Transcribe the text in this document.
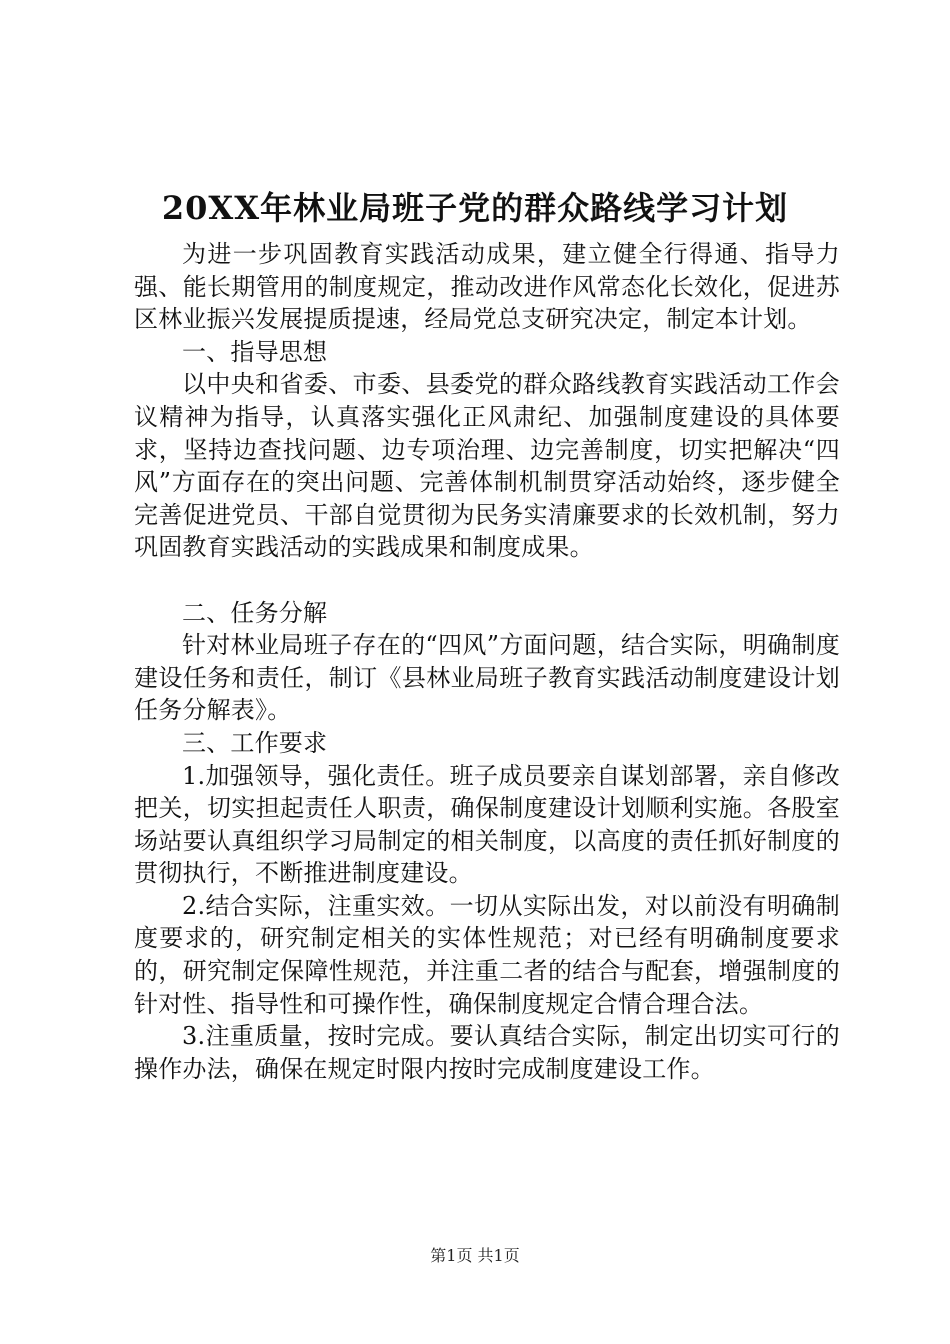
20XX年林业局班子党的群众路线学习计划

为进一步巩固教育实践活动成果，建立健全行得通、指导力强、能长期管用的制度规定，推动改进作风常态化长效化，促进苏区林业振兴发展提质提速，经局党总支研究决定，制定本计划。

一、指导思想

以中央和省委、市委、县委党的群众路线教育实践活动工作会议精神为指导，认真落实强化正风肃纪、加强制度建设的具体要求，坚持边查找问题、边专项治理、边完善制度，切实把解决“四风”方面存在的突出问题、完善体制机制贯穿活动始终，逐步健全完善促进党员、干部自觉贯彻为民务实清廉要求的长效机制，努力巩固教育实践活动的实践成果和制度成果。

二、任务分解

针对林业局班子存在的“四风”方面问题，结合实际，明确制度建设任务和责任，制订《县林业局班子教育实践活动制度建设计划任务分解表》。

三、工作要求

1.加强领导，强化责任。班子成员要亲自谋划部署，亲自修改把关，切实担起责任人职责，确保制度建设计划顺利实施。各股室场站要认真组织学习局制定的相关制度，以高度的责任抓好制度的贯彻执行，不断推进制度建设。

2.结合实际，注重实效。一切从实际出发，对以前没有明确制度要求的，研究制定相关的实体性规范；对已经有明确制度要求的，研究制定保障性规范，并注重二者的结合与配套，增强制度的针对性、指导性和可操作性，确保制度规定合情合理合法。

3.注重质量，按时完成。要认真结合实际，制定出切实可行的操作办法，确保在规定时限内按时完成制度建设工作。

第1页 共1页
